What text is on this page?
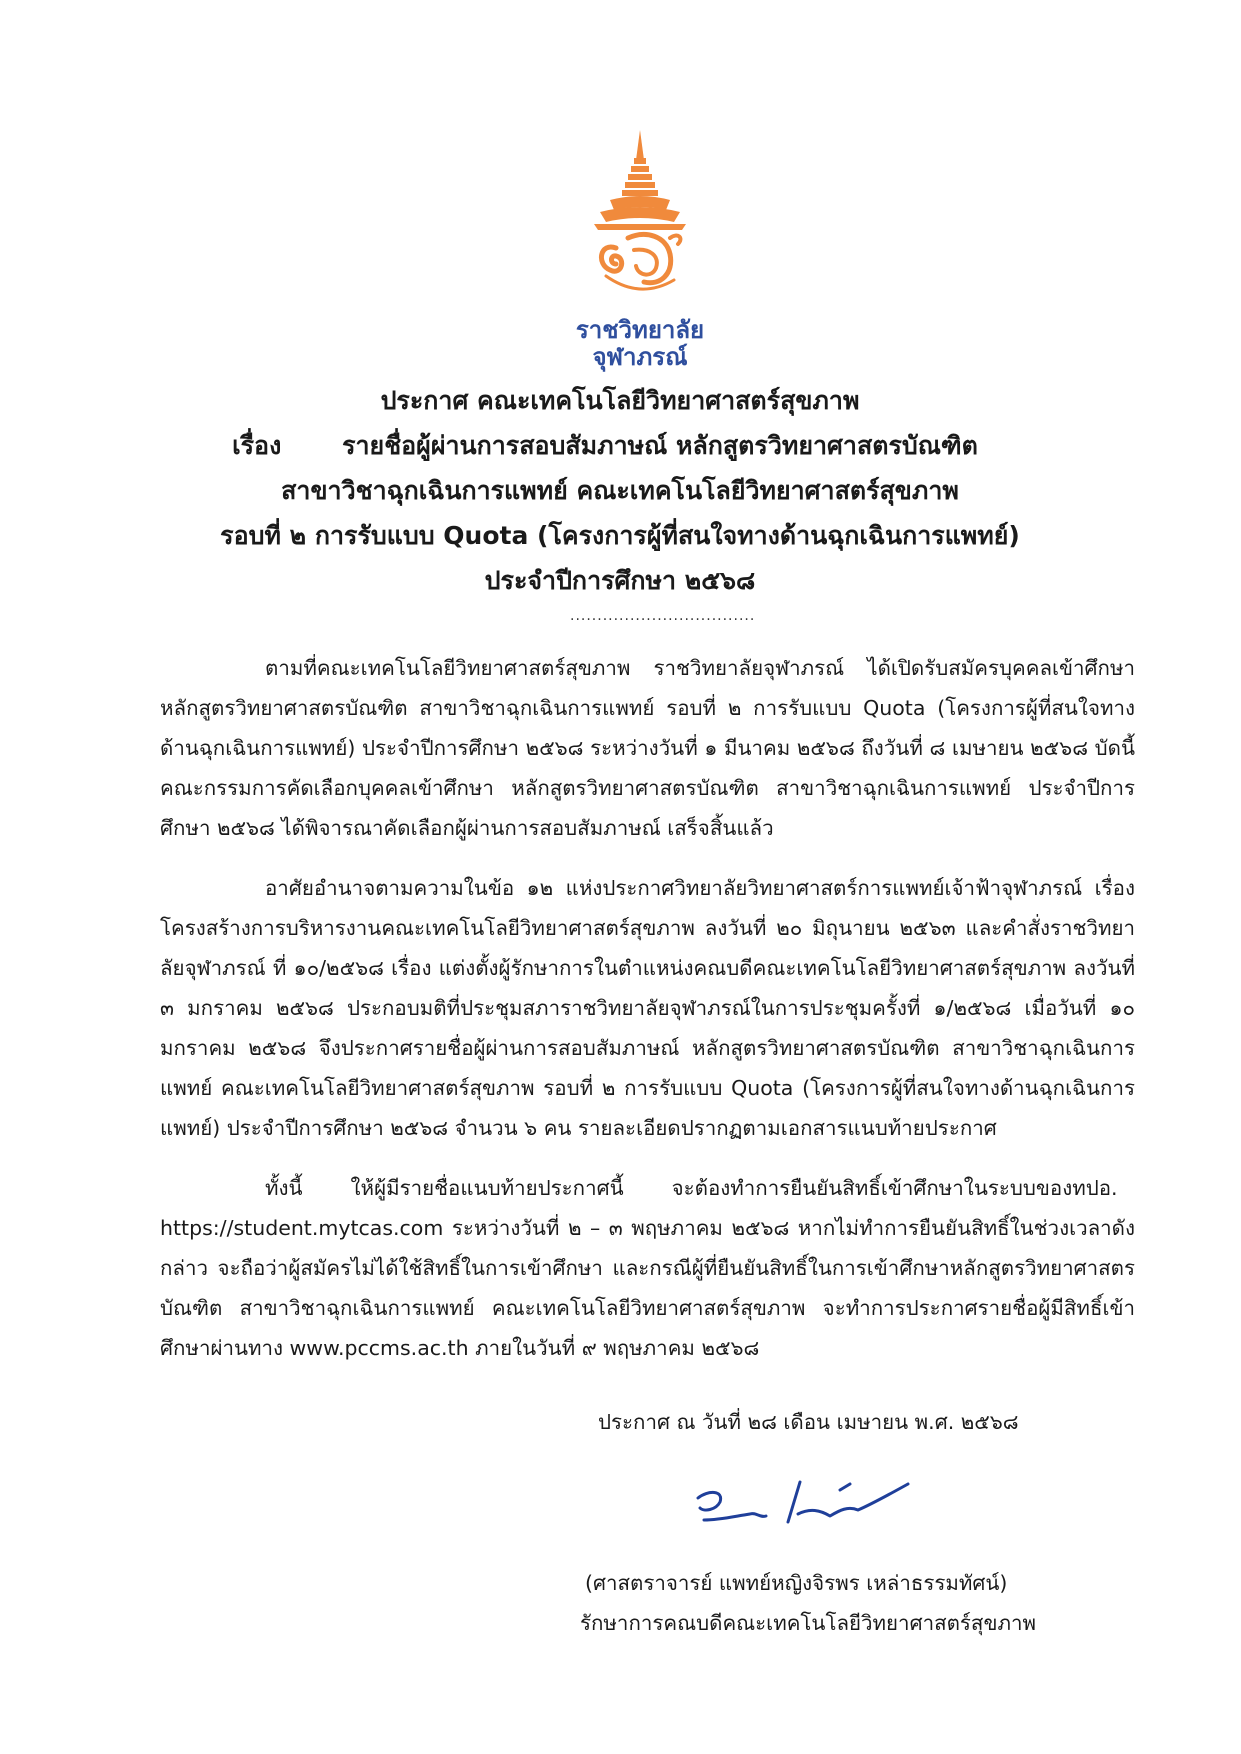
ราชวิทยาลัย
จุฬาภรณ์
ประกาศ คณะเทคโนโลยีวิทยาศาสตร์สุขภาพ
เรื่อง รายชื่อผู้ผ่านการสอบสัมภาษณ์ หลักสูตรวิทยาศาสตรบัณฑิต
สาขาวิชาฉุกเฉินการแพทย์ คณะเทคโนโลยีวิทยาศาสตร์สุขภาพ
รอบที่ ๒ การรับแบบ Quota (โครงการผู้ที่สนใจทางด้านฉุกเฉินการแพทย์)
ประจำปีการศึกษา ๒๕๖๘
..................................
ตามที่คณะเทคโนโลยีวิทยาศาสตร์สุขภาพ ราชวิทยาลัยจุฬาภรณ์ ได้เปิดรับสมัครบุคคลเข้าศึกษา หลักสูตรวิทยาศาสตรบัณฑิต สาขาวิชาฉุกเฉินการแพทย์ รอบที่ ๒ การรับแบบ Quota (โครงการผู้ที่สนใจทางด้านฉุกเฉินการแพทย์) ประจำปีการศึกษา ๒๕๖๘ ระหว่างวันที่ ๑ มีนาคม ๒๕๖๘ ถึงวันที่ ๘ เมษายน ๒๕๖๘ บัดนี้ คณะกรรมการคัดเลือกบุคคลเข้าศึกษา หลักสูตรวิทยาศาสตรบัณฑิต สาขาวิชาฉุกเฉินการแพทย์ ประจำปีการศึกษา ๒๕๖๘ ได้พิจารณาคัดเลือกผู้ผ่านการสอบสัมภาษณ์ เสร็จสิ้นแล้ว
อาศัยอำนาจตามความในข้อ ๑๒ แห่งประกาศวิทยาลัยวิทยาศาสตร์การแพทย์เจ้าฟ้าจุฬาภรณ์ เรื่อง โครงสร้างการบริหารงานคณะเทคโนโลยีวิทยาศาสตร์สุขภาพ ลงวันที่ ๒๐ มิถุนายน ๒๕๖๓ และคำสั่งราชวิทยาลัยจุฬาภรณ์ ที่ ๑๐/๒๕๖๘ เรื่อง แต่งตั้งผู้รักษาการในตำแหน่งคณบดีคณะเทคโนโลยีวิทยาศาสตร์สุขภาพ ลงวันที่ ๓ มกราคม ๒๕๖๘ ประกอบมติที่ประชุมสภาราชวิทยาลัยจุฬาภรณ์ในการประชุมครั้งที่ ๑/๒๕๖๘ เมื่อวันที่ ๑๐ มกราคม ๒๕๖๘ จึงประกาศรายชื่อผู้ผ่านการสอบสัมภาษณ์ หลักสูตรวิทยาศาสตรบัณฑิต สาขาวิชาฉุกเฉินการแพทย์ คณะเทคโนโลยีวิทยาศาสตร์สุขภาพ รอบที่ ๒ การรับแบบ Quota (โครงการผู้ที่สนใจทางด้านฉุกเฉินการแพทย์) ประจำปีการศึกษา ๒๕๖๘ จำนวน ๖ คน รายละเอียดปรากฏตามเอกสารแนบท้ายประกาศ
ทั้งนี้ ให้ผู้มีรายชื่อแนบท้ายประกาศนี้ จะต้องทำการยืนยันสิทธิ์เข้าศึกษาในระบบของทปอ. https://student.mytcas.com ระหว่างวันที่ ๒ – ๓ พฤษภาคม ๒๕๖๘ หากไม่ทำการยืนยันสิทธิ์ในช่วงเวลาดังกล่าว จะถือว่าผู้สมัครไม่ได้ใช้สิทธิ์ในการเข้าศึกษา และกรณีผู้ที่ยืนยันสิทธิ์ในการเข้าศึกษาหลักสูตรวิทยาศาสตรบัณฑิต สาขาวิชาฉุกเฉินการแพทย์ คณะเทคโนโลยีวิทยาศาสตร์สุขภาพ จะทำการประกาศรายชื่อผู้มีสิทธิ์เข้าศึกษาผ่านทาง www.pccms.ac.th ภายในวันที่ ๙ พฤษภาคม ๒๕๖๘
ประกาศ ณ วันที่ ๒๘ เดือน เมษายน พ.ศ. ๒๕๖๘
(ศาสตราจารย์ แพทย์หญิงจิรพร เหล่าธรรมทัศน์)
รักษาการคณบดีคณะเทคโนโลยีวิทยาศาสตร์สุขภาพ
